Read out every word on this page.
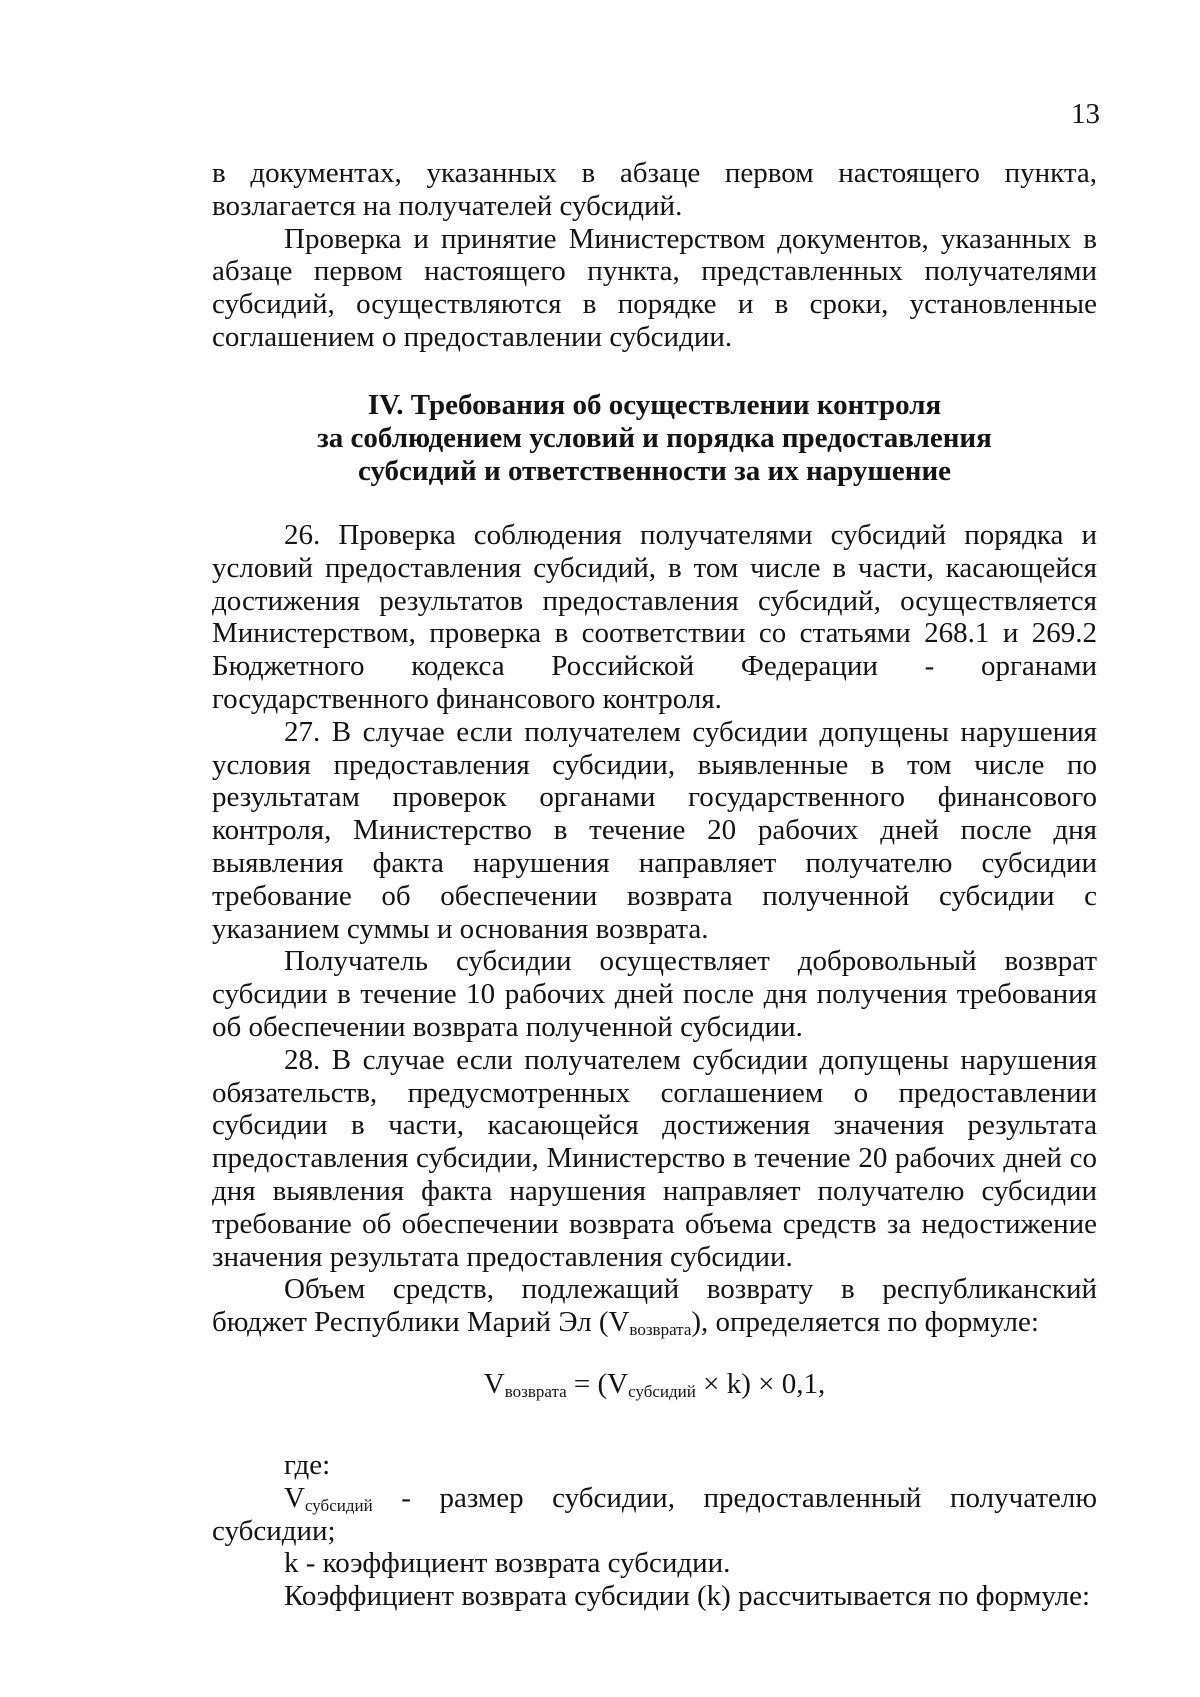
13

в документах, указанных в абзаце первом настоящего пункта, возлагается на получателей субсидий.

Проверка и принятие Министерством документов, указанных в абзаце первом настоящего пункта, представленных получателями субсидий, осуществляются в порядке и в сроки, установленные соглашением о предоставлении субсидии.

IV. Требования об осуществлении контроля
за соблюдением условий и порядка предоставления
субсидий и ответственности за их нарушение

26. Проверка соблюдения получателями субсидий порядка и условий предоставления субсидий, в том числе в части, касающейся достижения результатов предоставления субсидий, осуществляется Министерством, проверка в соответствии со статьями 268.1 и 269.2 Бюджетного кодекса Российской Федерации - органами государственного финансового контроля.

27. В случае если получателем субсидии допущены нарушения условия предоставления субсидии, выявленные в том числе по результатам проверок органами государственного финансового контроля, Министерство в течение 20 рабочих дней после дня выявления факта нарушения направляет получателю субсидии требование об обеспечении возврата полученной субсидии с указанием суммы и основания возврата.

Получатель субсидии осуществляет добровольный возврат субсидии в течение 10 рабочих дней после дня получения требования об обеспечении возврата полученной субсидии.

28. В случае если получателем субсидии допущены нарушения обязательств, предусмотренных соглашением о предоставлении субсидии в части, касающейся достижения значения результата предоставления субсидии, Министерство в течение 20 рабочих дней со дня выявления факта нарушения направляет получателю субсидии требование об обеспечении возврата объема средств за недостижение значения результата предоставления субсидии.

Объем средств, подлежащий возврату в республиканский бюджет Республики Марий Эл $(V_{возврата})$, определяется по формуле:

$V_{возврата} = (V_{субсидий} \times k) \times 0,1$,

где:

$V_{субсидий}$ - размер субсидии, предоставленный получателю субсидии;

k - коэффициент возврата субсидии.

Коэффициент возврата субсидии (k) рассчитывается по формуле:
